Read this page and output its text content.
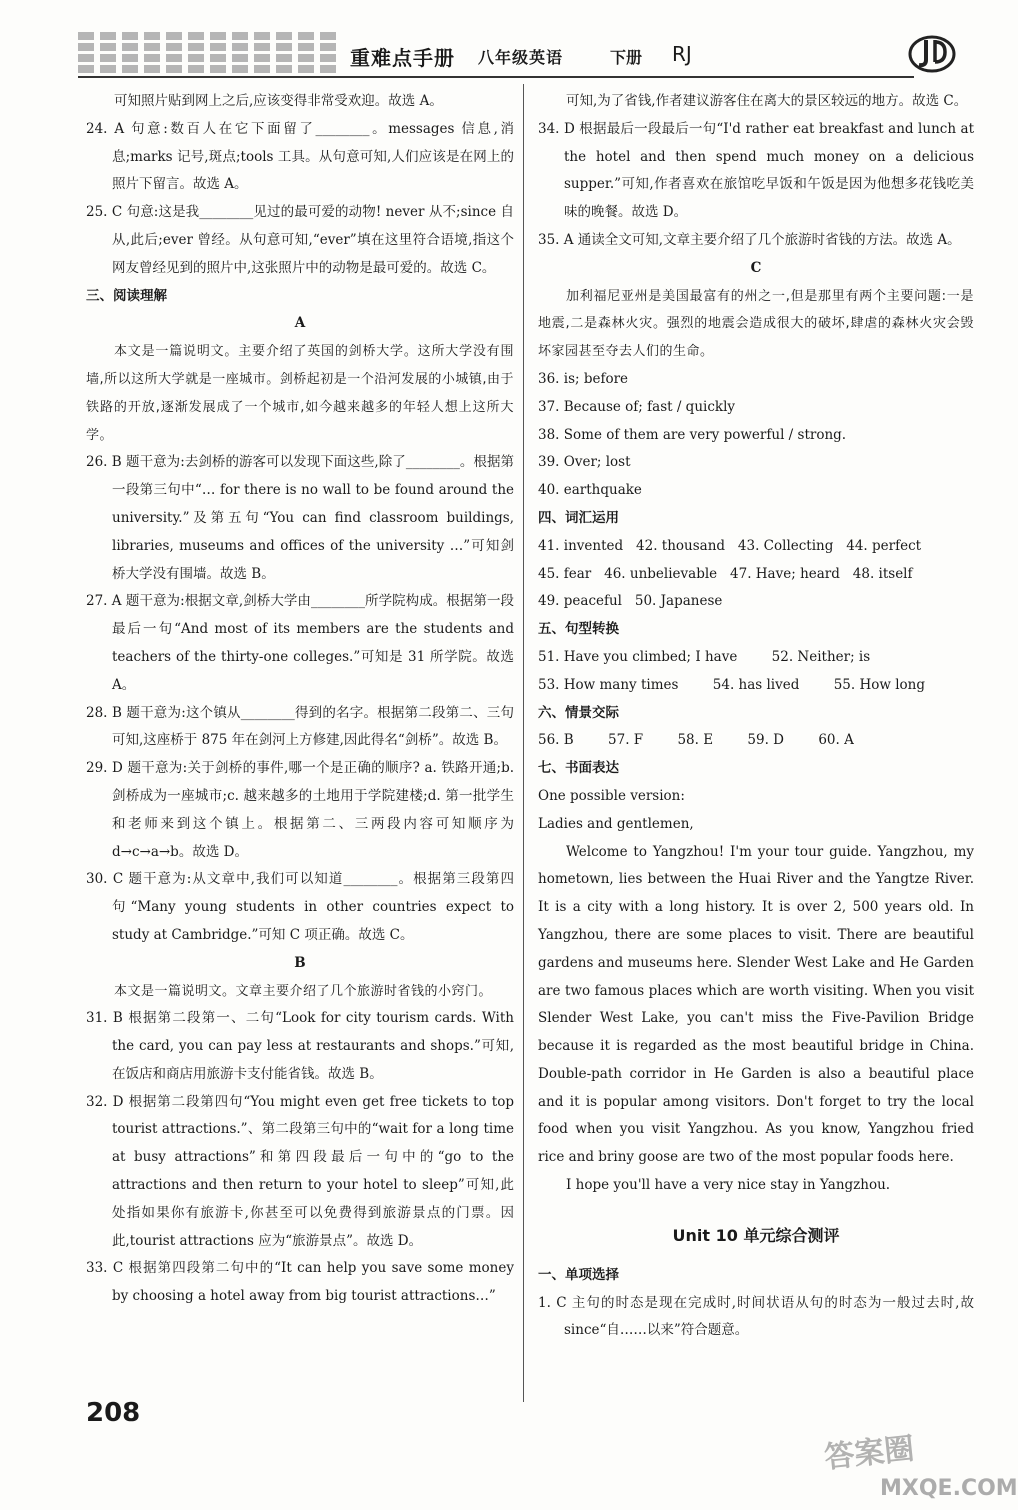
重难点手册 八年级英语	下册 RJ

可知照片贴到网上之后,应该变得非常受欢迎。故选 A。

24. A 句意:数百人在它下面留了________。messages 信息,消息;marks 记号,斑点;tools 工具。从句意可知,人们应该是在网上的照片下留言。故选 A。

25. C 句意:这是我________见过的最可爱的动物! never 从不;since 自从,此后;ever 曾经。从句意可知,“ever”填在这里符合语境,指这个网友曾经见到的照片中,这张照片中的动物是最可爱的。故选 C。

三、阅读理解

A

本文是一篇说明文。主要介绍了英国的剑桥大学。这所大学没有围墙,所以这所大学就是一座城市。剑桥起初是一个沿河发展的小城镇,由于铁路的开放,逐渐发展成了一个城市,如今越来越多的年轻人想上这所大学。

26. B 题干意为:去剑桥的游客可以发现下面这些,除了________。根据第一段第三句中“… for there is no wall to be found around the university.”及第五句“You can find classroom buildings, libraries, museums and offices of the university …”可知剑桥大学没有围墙。故选 B。

27. A 题干意为:根据文章,剑桥大学由________所学院构成。根据第一段最后一句“And most of its members are the students and teachers of the thirty-one colleges.”可知是 31 所学院。故选 A。

28. B 题干意为:这个镇从________得到的名字。根据第二段第二、三句可知,这座桥于 875 年在剑河上方修建,因此得名“剑桥”。故选 B。

29. D 题干意为:关于剑桥的事件,哪一个是正确的顺序? a. 铁路开通;b. 剑桥成为一座城市;c. 越来越多的土地用于学院建楼;d. 第一批学生和老师来到这个镇上。根据第二、三两段内容可知顺序为 d→c→a→b。故选 D。

30. C 题干意为:从文章中,我们可以知道________。根据第三段第四句“Many young students in other countries expect to study at Cambridge.”可知 C 项正确。故选 C。

B

本文是一篇说明文。文章主要介绍了几个旅游时省钱的小窍门。

31. B 根据第二段第一、二句“Look for city tourism cards. With the card, you can pay less at restaurants and shops.”可知,在饭店和商店用旅游卡支付能省钱。故选 B。

32. D 根据第二段第四句“You might even get free tickets to top tourist attractions.”、第二段第三句中的“wait for a long time at busy attractions”和第四段最后一句中的“go to the attractions and then return to your hotel to sleep”可知,此处指如果你有旅游卡,你甚至可以免费得到旅游景点的门票。因此,tourist attractions 应为“旅游景点”。故选 D。

33. C 根据第四段第二句中的“It can help you save some money by choosing a hotel away from big tourist attractions…”

可知,为了省钱,作者建议游客住在离大的景区较远的地方。故选 C。

34. D 根据最后一段最后一句“I'd rather eat breakfast and lunch at the hotel and then spend much money on a delicious supper.”可知,作者喜欢在旅馆吃早饭和午饭是因为他想多花钱吃美味的晚餐。故选 D。

35. A 通读全文可知,文章主要介绍了几个旅游时省钱的方法。故选 A。

C

加利福尼亚州是美国最富有的州之一,但是那里有两个主要问题:一是地震,二是森林火灾。强烈的地震会造成很大的破坏,肆虐的森林火灾会毁坏家园甚至夺去人们的生命。

36. is; before

37. Because of; fast / quickly

38. Some of them are very powerful / strong.

39. Over; lost

40. earthquake

四、词汇运用

41. invented   42. thousand   43. Collecting   44. perfect

45. fear   46. unbelievable   47. Have; heard   48. itself

49. peaceful   50. Japanese

五、句型转换

51. Have you climbed; I have        52. Neither; is

53. How many times        54. has lived        55. How long

六、情景交际

56. B        57. F        58. E        59. D        60. A

七、书面表达

One possible version:

Ladies and gentlemen,

Welcome to Yangzhou! I'm your tour guide. Yangzhou, my hometown, lies between the Huai River and the Yangtze River. It is a city with a long history. It is over 2, 500 years old. In Yangzhou, there are some places to visit. There are beautiful gardens and museums here. Slender West Lake and He Garden are two famous places which are worth visiting. When you visit Slender West Lake, you can't miss the Five-Pavilion Bridge because it is regarded as the most beautiful bridge in China. Double-path corridor in He Garden is also a beautiful place and it is popular among visitors. Don't forget to try the local food when you visit Yangzhou. As you know, Yangzhou fried rice and briny goose are two of the most popular foods here.

I hope you'll have a very nice stay in Yangzhou.

Unit 10 单元综合测评

一、单项选择

1. C 主句的时态是现在完成时,时间状语从句的时态为一般过去时,故 since“自……以来”符合题意。

208
答案圈
MXQE.COM
